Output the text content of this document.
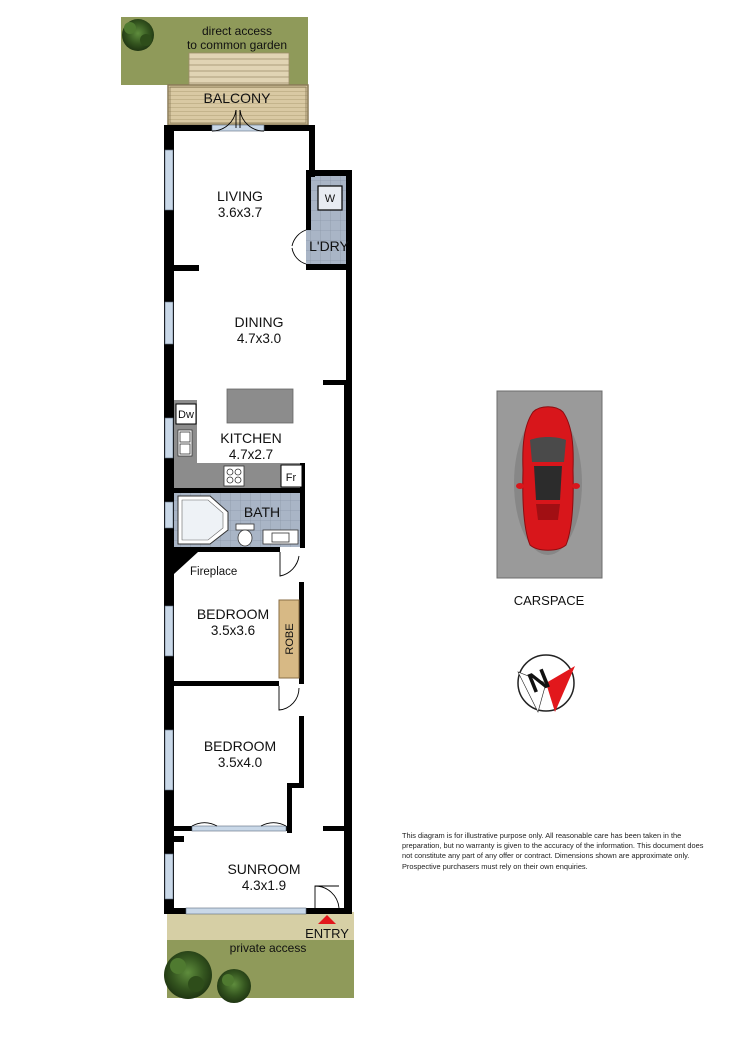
direct access
to common garden
BALCONY
private access
W
Dw
Fr
ROBE
LIVING
3.6x3.7
L'DRY
DINING
4.7x3.0
KITCHEN
4.7x2.7
BATH
Fireplace
BEDROOM
3.5x3.6
BEDROOM
3.5x4.0
SUNROOM
4.3x1.9
ENTRY
CARSPACE
N

This diagram is for illustrative purpose only. All reasonable care has been taken in the preparation, but no warranty is given to the accuracy of the information. This document does not constitute any part of any offer or contract. Dimensions shown are approximate only. Prospective purchasers must rely on their own enquiries.
